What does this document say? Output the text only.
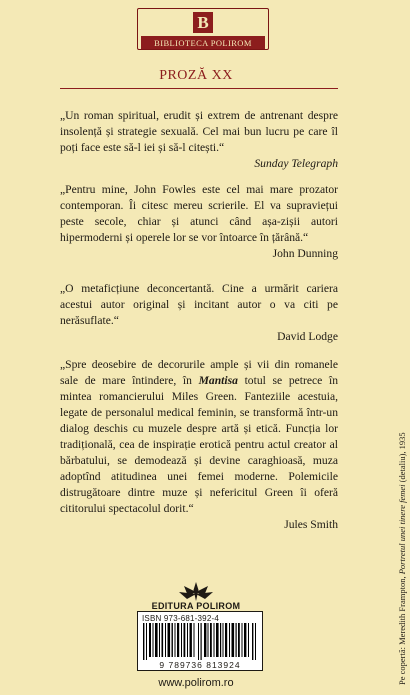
B
BIBLIOTECA POLIROM
PROZĂ XX

„Un roman spiritual, erudit și extrem de antrenant despre insolență și strategie sexuală. Cel mai bun lucru pe care îl poți face este să-l iei și să-l citești.“

Sunday Telegraph

„Pentru mine, John Fowles este cel mai mare prozator contemporan. Îi citesc mereu scrierile. El va supraviețui peste secole, chiar și atunci când așa-zișii autori hipermoderni și operele lor se vor întoarce în țărână.“

John Dunning

„O metaficțiune deconcertantă. Cine a urmărit cariera acestui autor original și incitant autor o va citi pe nerăsuflate.“

David Lodge

„Spre deosebire de decorurile ample și vii din romanele sale de mare întindere, în Mantisa totul se petrece în mintea romancierului Miles Green. Fanteziile acestuia, legate de personalul medical feminin, se transformă într-un dialog deschis cu muzele despre artă și etică. Funcția lor tradițională, cea de inspirație erotică pentru actul creator al bărbatului, se demodează și devine caraghioasă, muza adoptînd atitudinea unei femei moderne. Polemicile distrugătoare dintre muze și nefericitul Green îi oferă cititorului spectacolul dorit.“

Jules Smith
EDITURA POLIROM
ISBN 973-681-392-4
9 789736 813924
www.polirom.ro	Pe copertă: Meredith Frampton, Portretul unei tinere femei (detaliu), 1935
